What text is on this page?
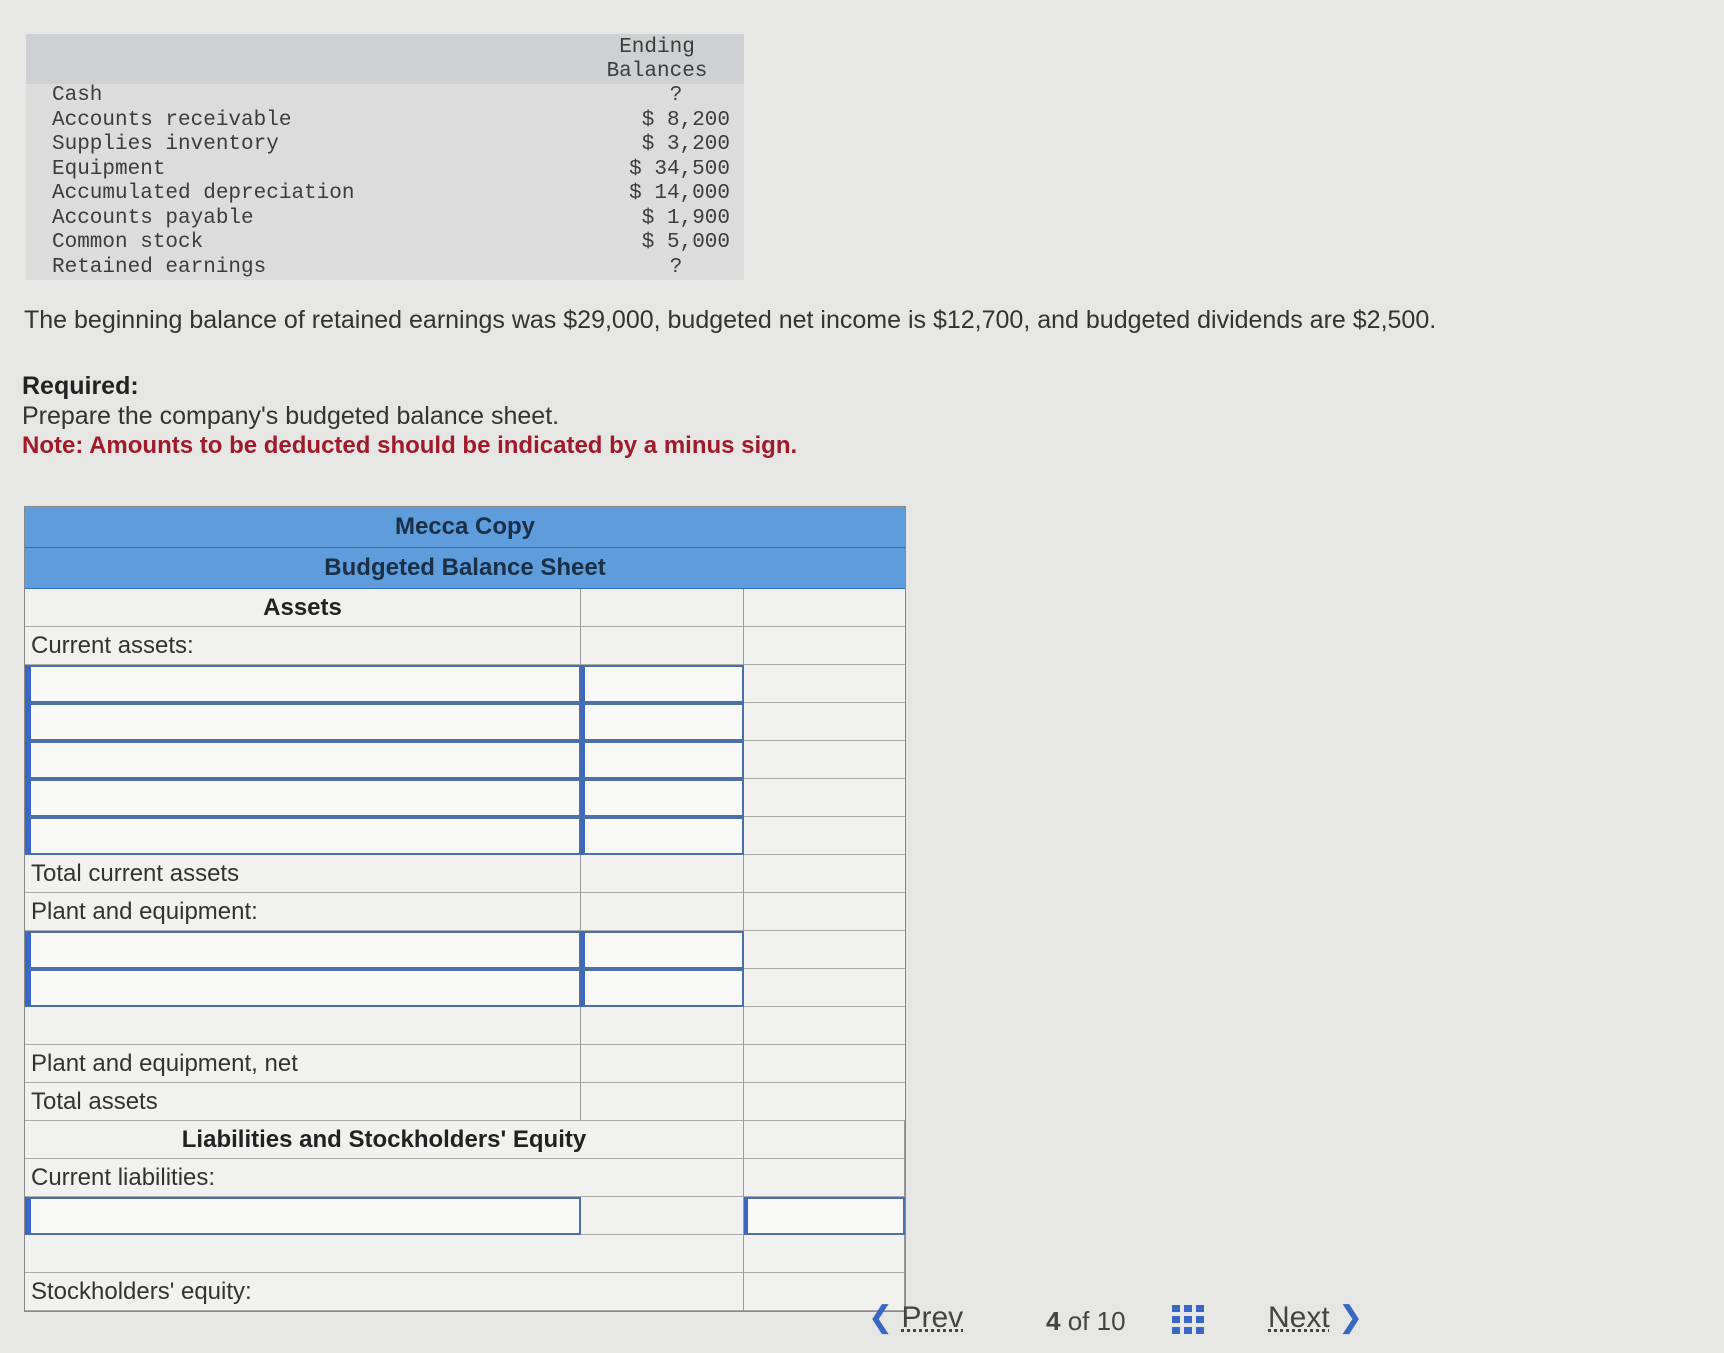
Ending
Balances
Cash	?
Accounts receivable	$ 8,200
Supplies inventory	$ 3,200
Equipment	$ 34,500
Accumulated depreciation	$ 14,000
Accounts payable	$ 1,900
Common stock	$ 5,000
Retained earnings	?
The beginning balance of retained earnings was $29,000, budgeted net income is $12,700, and budgeted dividends are $2,500.
Required:
Prepare the company's budgeted balance sheet.
Note: Amounts to be deducted should be indicated by a minus sign.
Mecca Copy
Budgeted Balance Sheet
Assets
Current assets:
Total current assets
Plant and equipment:
Plant and equipment, net
Total assets
Liabilities and Stockholders' Equity
Current liabilities:
Stockholders' equity:
❮ Prev	4 of 10	Next ❯
